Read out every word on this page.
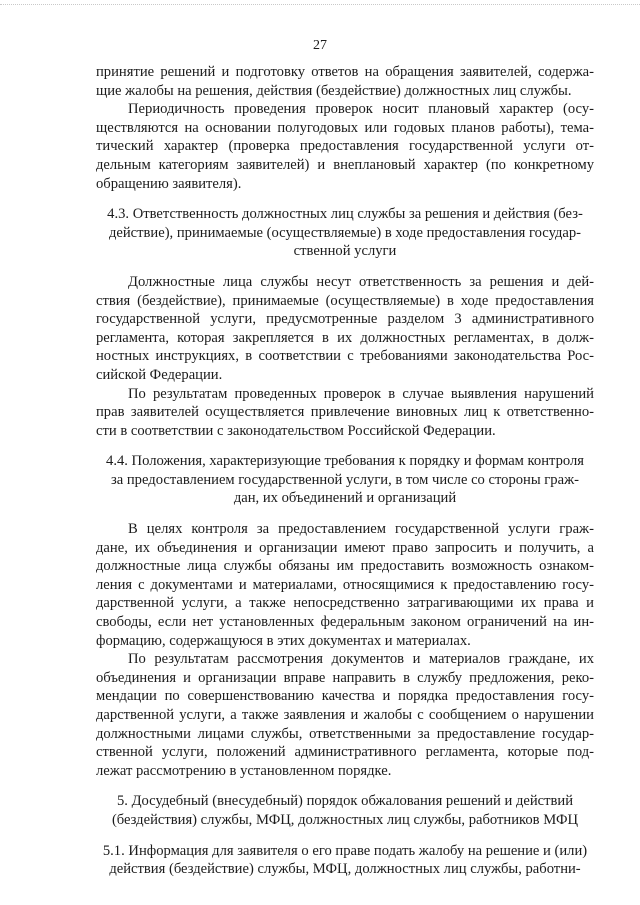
27
принятие решений и подготовку ответов на обращения заявителей, содержа-
щие жалобы на решения, действия (бездействие) должностных лиц службы.
Периодичность проведения проверок носит плановый характер (осу-
ществляются на основании полугодовых или годовых планов работы), тема-
тический характер (проверка предоставления государственной услуги от-
дельным категориям заявителей) и внеплановый характер (по конкретному
обращению заявителя).
4.3. Ответственность должностных лиц службы за решения и действия (без-
действие), принимаемые (осуществляемые) в ходе предоставления государ-
ственной услуги
Должностные лица службы несут ответственность за решения и дей-
ствия (бездействие), принимаемые (осуществляемые) в ходе предоставления
государственной услуги, предусмотренные разделом 3 административного
регламента, которая закрепляется в их должностных регламентах, в долж-
ностных инструкциях, в соответствии с требованиями законодательства Рос-
сийской Федерации.
По результатам проведенных проверок в случае выявления нарушений
прав заявителей осуществляется привлечение виновных лиц к ответственно-
сти в соответствии с законодательством Российской Федерации.
4.4. Положения, характеризующие требования к порядку и формам контроля
за предоставлением государственной услуги, в том числе со стороны граж-
дан, их объединений и организаций
В целях контроля за предоставлением государственной услуги граж-
дане, их объединения и организации имеют право запросить и получить, а
должностные лица службы обязаны им предоставить возможность ознаком-
ления с документами и материалами, относящимися к предоставлению госу-
дарственной услуги, а также непосредственно затрагивающими их права и
свободы, если нет установленных федеральным законом ограничений на ин-
формацию, содержащуюся в этих документах и материалах.
По результатам рассмотрения документов и материалов граждане, их
объединения и организации вправе направить в службу предложения, реко-
мендации по совершенствованию качества и порядка предоставления госу-
дарственной услуги, а также заявления и жалобы с сообщением о нарушении
должностными лицами службы, ответственными за предоставление государ-
ственной услуги, положений административного регламента, которые под-
лежат рассмотрению в установленном порядке.
5. Досудебный (внесудебный) порядок обжалования решений и действий
(бездействия) службы, МФЦ, должностных лиц службы, работников МФЦ
5.1. Информация для заявителя о его праве подать жалобу на решение и (или)
действия (бездействие) службы, МФЦ, должностных лиц службы, работни-
